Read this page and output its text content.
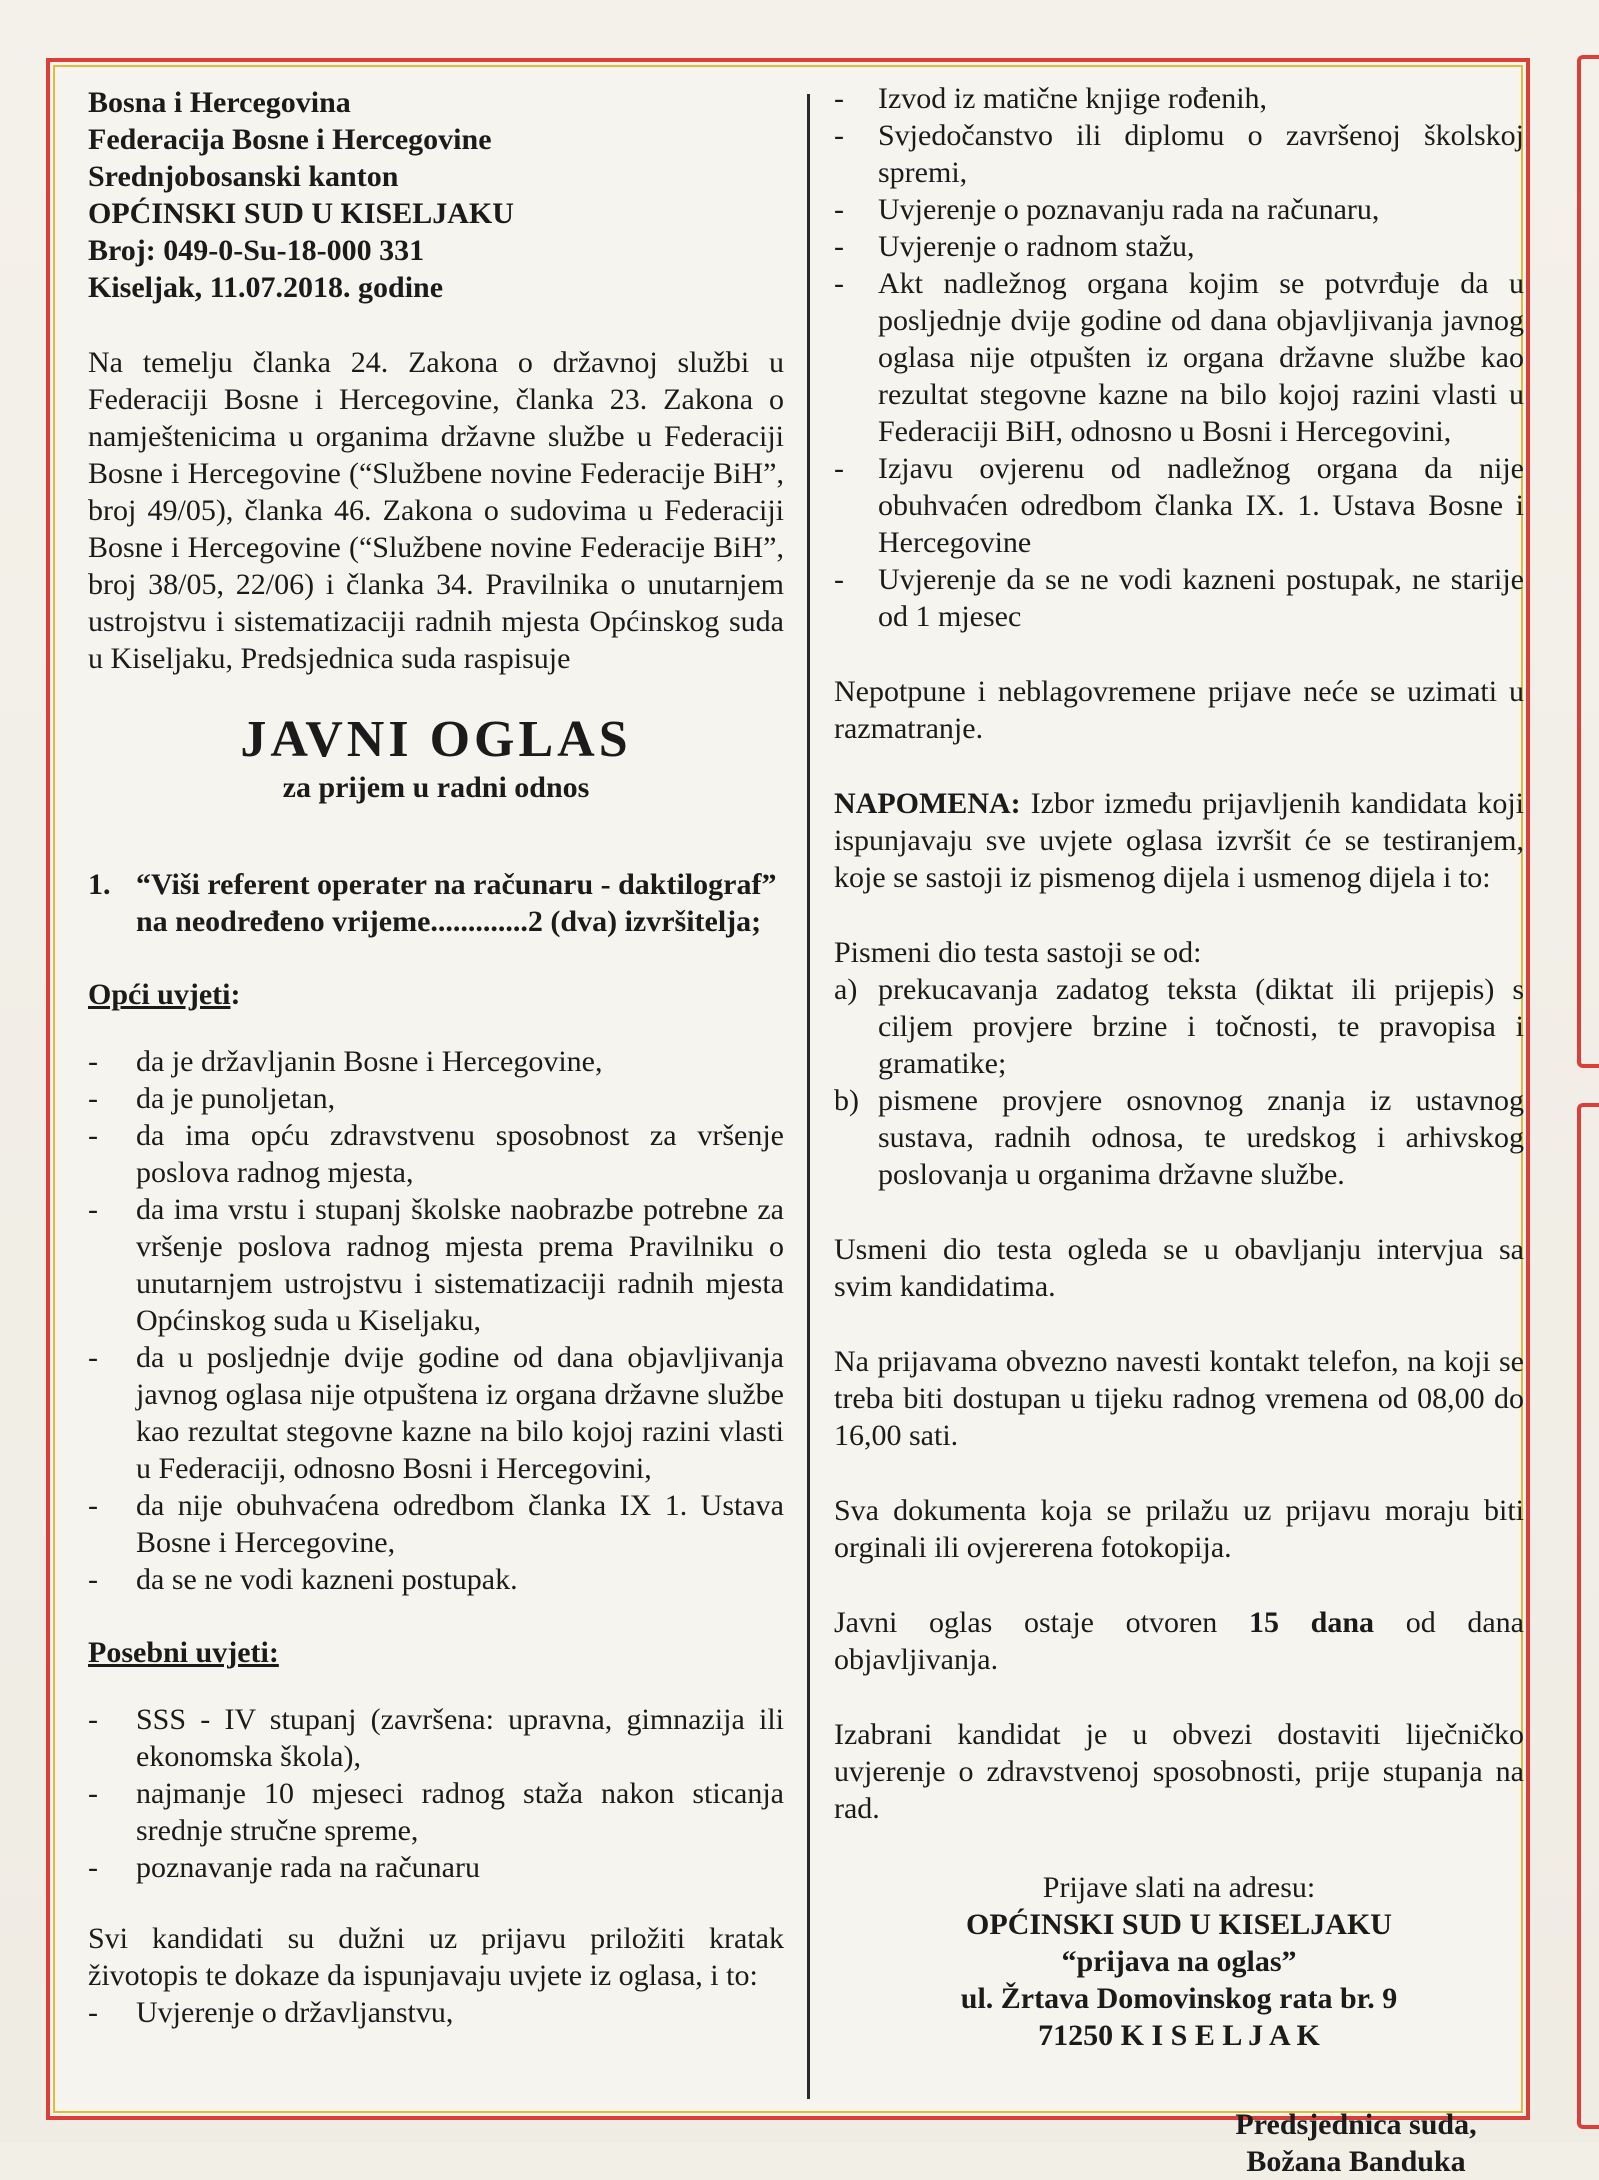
Bosna i Hercegovina
Federacija Bosne i Hercegovine
Srednjobosanski kanton
OPĆINSKI SUD U KISELJAKU
Broj: 049-0-Su-18-000 331
Kiseljak, 11.07.2018. godine

Na temelju članka 24. Zakona o državnoj službi u Federaciji Bosne i Hercegovine, članka 23. Zakona o namještenicima u organima državne službe u Federaciji Bosne i Hercegovine (“Službene novine Federacije BiH”, broj 49/05), članka 46. Zakona o sudovima u Federaciji Bosne i Hercegovine (“Službene novine Federacije BiH”, broj 38/05, 22/06) i članka 34. Pravilnika o unutarnjem ustrojstvu i sistematizaciji radnih mjesta Općinskog suda u Kiseljaku, Predsjednica suda raspisuje

JAVNI OGLAS
za prijem u radni odnos
1. “Viši referent operater na računaru - daktilograf” na neodređeno vrijeme.............2 (dva) izvršitelja;
Opći uvjeti:
-	da je državljanin Bosne i Hercegovine,
-	da je punoljetan,
-	da ima opću zdravstvenu sposobnost za vršenje poslova radnog mjesta,
-	da ima vrstu i stupanj školske naobrazbe potrebne za vršenje poslova radnog mjesta prema Pravilniku o unutarnjem ustrojstvu i sistematizaciji radnih mjesta Općinskog suda u Kiseljaku,
-	da u posljednje dvije godine od dana objavljivanja javnog oglasa nije otpuštena iz organa državne službe kao rezultat stegovne kazne na bilo kojoj razini vlasti u Federaciji, odnosno Bosni i Hercegovini,
-	da nije obuhvaćena odredbom članka IX 1. Ustava Bosne i Hercegovine,
-	da se ne vodi kazneni postupak.
Posebni uvjeti:
-	SSS - IV stupanj (završena: upravna, gimnazija ili ekonomska škola),
-	najmanje 10 mjeseci radnog staža nakon sticanja srednje stručne spreme,
-	poznavanje rada na računaru

Svi kandidati su dužni uz prijavu priložiti kratak životopis te dokaze da ispunjavaju uvjete iz oglasa, i to:

-	Uvjerenje o državljanstvu,
-	Izvod iz matične knjige rođenih,
-	Svjedočanstvo ili diplomu o završenoj školskoj spremi,
-	Uvjerenje o poznavanju rada na računaru,
-	Uvjerenje o radnom stažu,
-	Akt nadležnog organa kojim se potvrđuje da u posljednje dvije godine od dana objavljivanja javnog oglasa nije otpušten iz organa državne službe kao rezultat stegovne kazne na bilo kojoj razini vlasti u Federaciji BiH, odnosno u Bosni i Hercegovini,
-	Izjavu ovjerenu od nadležnog organa da nije obuhvaćen odredbom članka IX. 1. Ustava Bosne i Hercegovine
-	Uvjerenje da se ne vodi kazneni postupak, ne starije od 1 mjesec

Nepotpune i neblagovremene prijave neće se uzimati u razmatranje.

NAPOMENA: Izbor između prijavljenih kandidata koji ispunjavaju sve uvjete oglasa izvršit će se testiranjem, koje se sastoji iz pismenog dijela i usmenog dijela i to:

Pismeni dio testa sastoji se od:

a) prekucavanja zadatog teksta (diktat ili prijepis) s ciljem provjere brzine i točnosti, te pravopisa i gramatike;
b) pismene provjere osnovnog znanja iz ustavnog sustava, radnih odnosa, te uredskog i arhivskog poslovanja u organima državne službe.

Usmeni dio testa ogleda se u obavljanju intervjua sa svim kandidatima.

Na prijavama obvezno navesti kontakt telefon, na koji se treba biti dostupan u tijeku radnog vremena od 08,00 do 16,00 sati.

Sva dokumenta koja se prilažu uz prijavu moraju biti orginali ili ovjererena fotokopija.

Javni oglas ostaje otvoren 15 dana od dana objavljivanja.

Izabrani kandidat je u obvezi dostaviti liječničko uvjerenje o zdravstvenoj sposobnosti, prije stupanja na rad.

Prijave slati na adresu:
OPĆINSKI SUD U KISELJAKU
“prijava na oglas”
ul. Žrtava Domovinskog rata br. 9
71250 K I S E L J A K
Predsjednica suda,
Božana Banduka
